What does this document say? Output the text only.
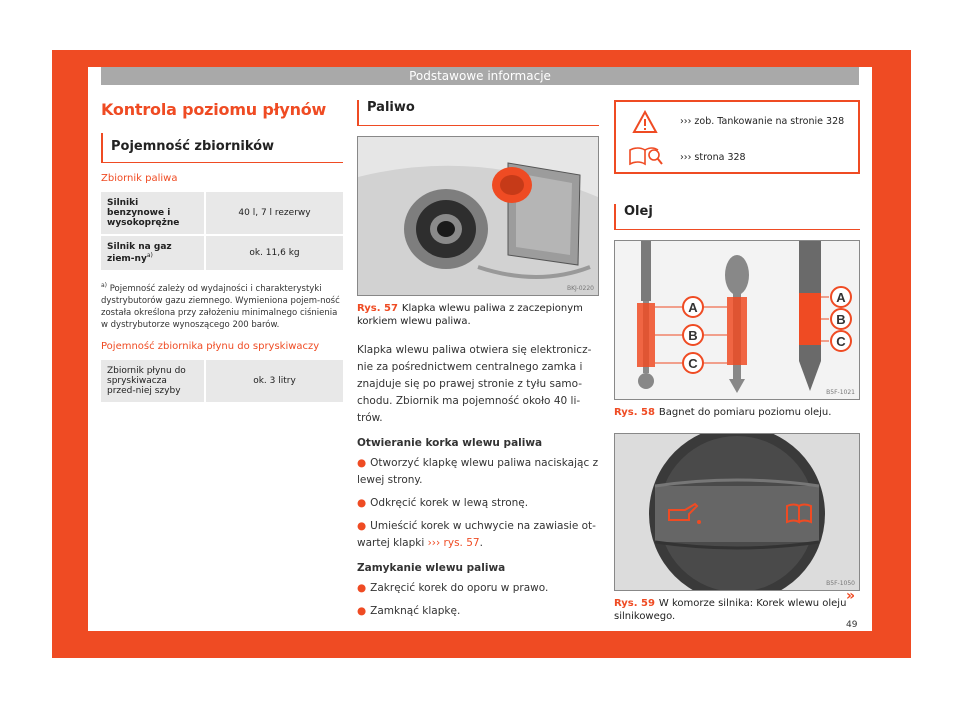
Podstawowe informacje
Kontrola poziomu płynów
Pojemność zbiorników
Zbiornik paliwa
Silniki benzynowe i wysokoprężne	40 l, 7 l rezerwy
Silnik na gaz ziem-$ny^{a)}$	ok. 11,6 kg
$^{a)}$ Pojemność zależy od wydajności i charakterystyki dystrybutorów gazu ziemnego. Wymieniona pojem-ność została określona przy założeniu minimalnego ciśnienia w dystrybutorze wynoszącego 200 barów.
Pojemność zbiornika płynu do spryskiwaczy
Zbiornik płynu do spryskiwacza przed-niej szyby	ok. 3 litry
Paliwo
BKJ-0220
Rys. 57 Klapka wlewu paliwa z zaczepionym korkiem wlewu paliwa.
Klapka wlewu paliwa otwiera się elektronicz-nie za pośrednictwem centralnego zamka i znajduje się po prawej stronie z tyłu samo-chodu. Zbiornik ma pojemność około 40 li-trów.
Otwieranie korka wlewu paliwa
● Otworzyć klapkę wlewu paliwa naciskając z lewej strony.
● Odkręcić korek w lewą stronę.
● Umieścić korek w uchwycie na zawiasie ot-wartej klapki ››› rys. 57.
Zamykanie wlewu paliwa
● Zakręcić korek do oporu w prawo.
● Zamknąć klapkę.
››› zob. Tankowanie na stronie 328
››› strona 328
Olej
A
B
C
A
B
C
B5F-1021
Rys. 58 Bagnet do pomiaru poziomu oleju.
B5F-1050
Rys. 59 W komorze silnika: Korek wlewu oleju silnikowego.
»
49
